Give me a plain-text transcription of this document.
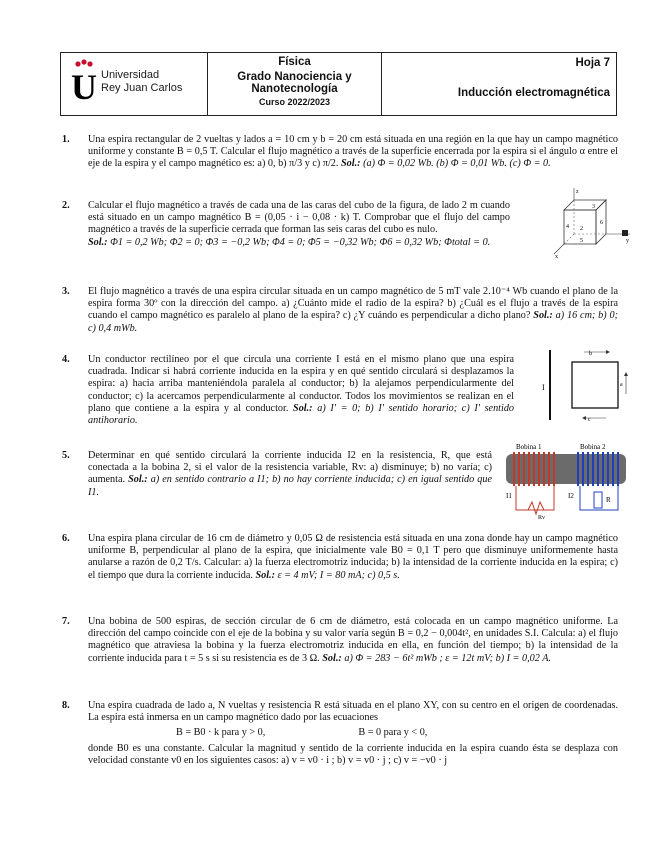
U Universidad
Rey Juan Carlos
Física
Grado Nanociencia y
Nanotecnología
Curso 2022/2023
Hoja 7
Inducción electromagnética
1. Una espira rectangular de 2 vueltas y lados a = 10 cm y b = 20 cm está situada en una región en la que hay un campo magnético uniforme y constante B = 0,5 T. Calcular el flujo magnético a través de la superficie encerrada por la espira si el ángulo α entre el eje de la espira y el campo magnético es: a) 0, b) π/3 y c) π/2. Sol.: (a) Φ = 0,02 Wb. (b) Φ = 0,01 Wb. (c) Φ = 0.

2. Calcular el flujo magnético a través de cada una de las caras del cubo de la figura, de lado 2 m cuando está situado en un campo magnético B = (0,05 · i − 0,08 · k) T. Comprobar que el flujo del campo magnético a través de la superficie cerrada que forman las seis caras del cubo es nulo.

Sol.: Φ1 = 0,2 Wb; Φ2 = 0; Φ3 = −0,2 Wb; Φ4 = 0; Φ5 = −0,32 Wb; Φ6 = 0,32 Wb; Φtotal = 0.

z
3
2
4
x
y
5
6
3. El flujo magnético a través de una espira circular situada en un campo magnético de 5 mT vale 2.10⁻⁴ Wb cuando el plano de la espira forma 30º con la dirección del campo. a) ¿Cuánto mide el radio de la espira? b) ¿Cuál es el flujo a través de la espira cuando el campo magnético es paralelo al plano de la espira? c) ¿Y cuándo es perpendicular a dicho plano? Sol.: a) 16 cm; b) 0; c) 0,4 mWb.

4. Un conductor rectilíneo por el que circula una corriente I está en el mismo plano que una espira cuadrada. Indicar si habrá corriente inducida en la espira y en qué sentido circulará si desplazamos la espira: a) hacia arriba manteniéndola paralela al conductor; b) la alejamos perpendicularmente del conductor; c) la acercamos perpendicularmente al conductor. Todos los movimientos se realizan en el plano que contiene a la espira y al conductor. Sol.: a) I' = 0; b) I' sentido horario; c) I' sentido antihorario.

I
b
a
c
5. Determinar en qué sentido circulará la corriente inducida I2 en la resistencia, R, que está conectada a la bobina 2, si el valor de la resistencia variable, Rv: a) disminuye; b) no varía; c) aumenta. Sol.: a) en sentido contrario a I1; b) no hay corriente inducida; c) en igual sentido que I1.

Bobina 1	Bobina 2
I1	I2	R
Rv
6. Una espira plana circular de 16 cm de diámetro y 0,05 Ω de resistencia está situada en una zona donde hay un campo magnético uniforme B, perpendicular al plano de la espira, que inicialmente vale B0 = 0,1 T pero que disminuye uniformemente hasta anularse a razón de 0,2 T/s. Calcular: a) la fuerza electromotriz inducida; b) la intensidad de la corriente inducida en la espira; c) el tiempo que dura la corriente inducida. Sol.: ε = 4 mV; I = 80 mA; c) 0,5 s.

7. Una bobina de 500 espiras, de sección circular de 6 cm de diámetro, está colocada en un campo magnético uniforme. La dirección del campo coincide con el eje de la bobina y su valor varía según B = 0,2 − 0,004t², en unidades S.I. Calcula: a) el flujo magnético que atraviesa la bobina y la fuerza electromotriz inducida en ella, en función del tiempo; b) la intensidad de la corriente inducida para t = 5 s si su resistencia es de 3 Ω. Sol.: a) Φ = 283 − 6t² mWb ; ε = 12t mV; b) I = 0,02 A.

8. Una espira cuadrada de lado a, N vueltas y resistencia R está situada en el plano XY, con su centro en el origen de coordenadas. La espira está inmersa en un campo magnético dado por las ecuaciones

B = B0 · k para y > 0,	B = 0 para y < 0,

donde B0 es una constante. Calcular la magnitud y sentido de la corriente inducida en la espira cuando ésta se desplaza con velocidad constante v0 en los siguientes casos: a) v = v0 · i ; b) v = v0 · j ; c) v = −v0 · j
